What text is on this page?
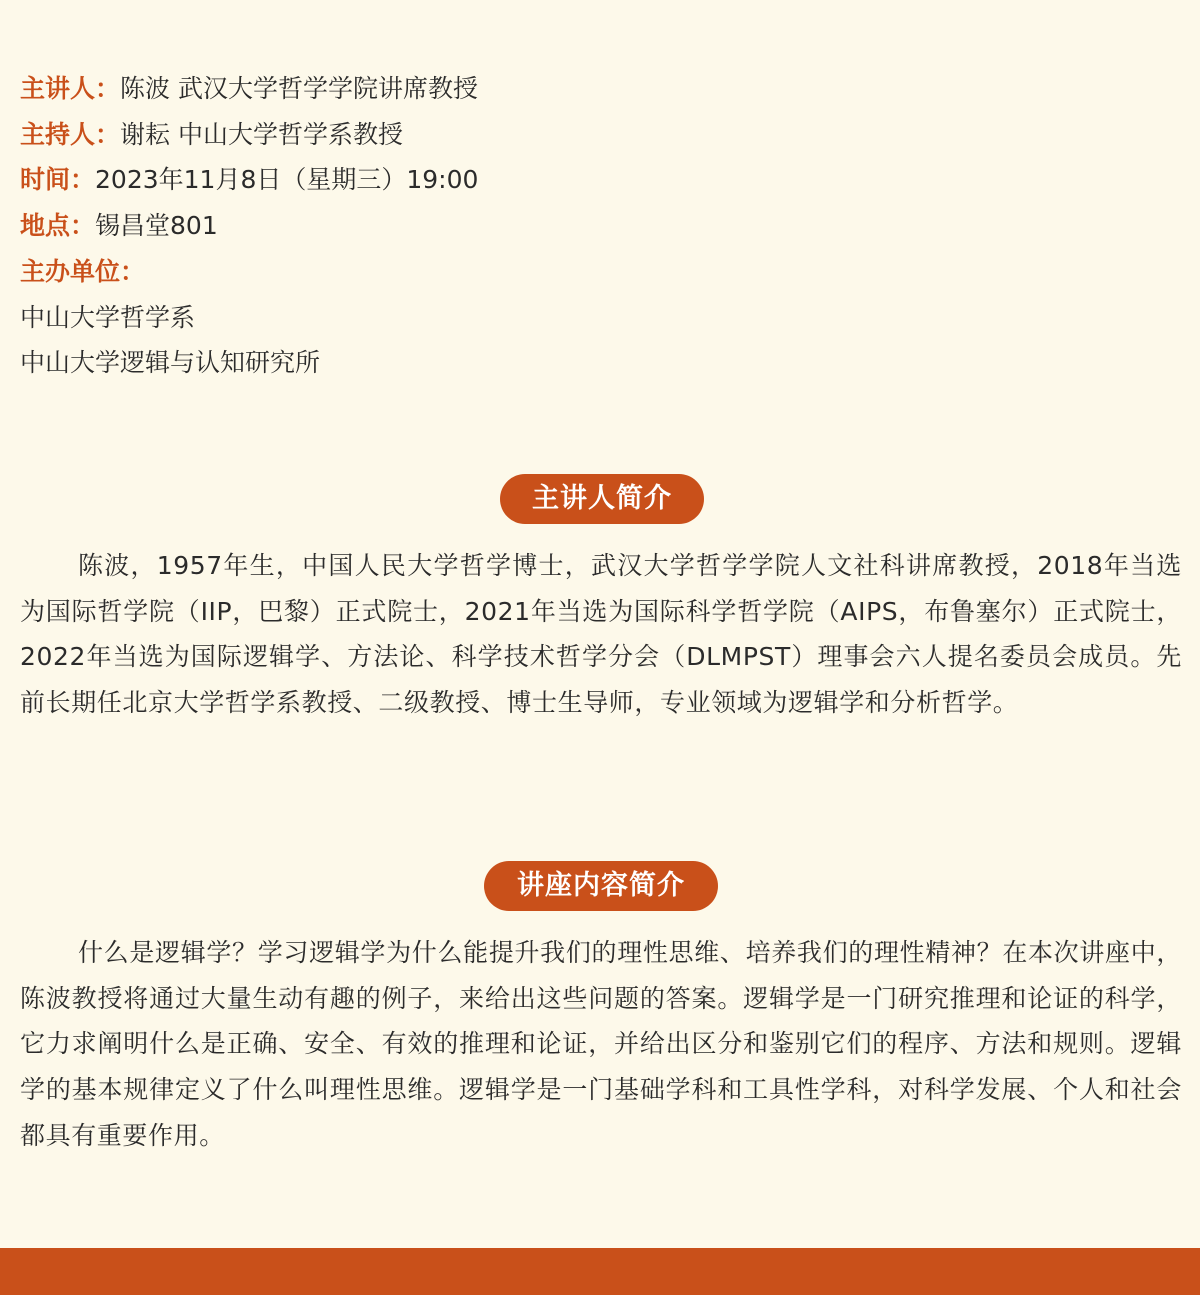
主讲人：陈波 武汉大学哲学学院讲席教授
主持人：谢耘 中山大学哲学系教授
时间：2023年11月8日（星期三）19:00
地点：锡昌堂801
主办单位：
中山大学哲学系
中山大学逻辑与认知研究所
主讲人简介

陈波，1957年生，中国人民大学哲学博士，武汉大学哲学学院人文社科讲席教授，2018年当选为国际哲学院（IIP，巴黎）正式院士，2021年当选为国际科学哲学院（AIPS，布鲁塞尔）正式院士，2022年当选为国际逻辑学、方法论、科学技术哲学分会（DLMPST）理事会六人提名委员会成员。先前长期任北京大学哲学系教授、二级教授、博士生导师，专业领域为逻辑学和分析哲学。

讲座内容简介

什么是逻辑学？学习逻辑学为什么能提升我们的理性思维、培养我们的理性精神？在本次讲座中，陈波教授将通过大量生动有趣的例子，来给出这些问题的答案。逻辑学是一门研究推理和论证的科学，它力求阐明什么是正确、安全、有效的推理和论证，并给出区分和鉴别它们的程序、方法和规则。逻辑学的基本规律定义了什么叫理性思维。逻辑学是一门基础学科和工具性学科，对科学发展、个人和社会都具有重要作用。
